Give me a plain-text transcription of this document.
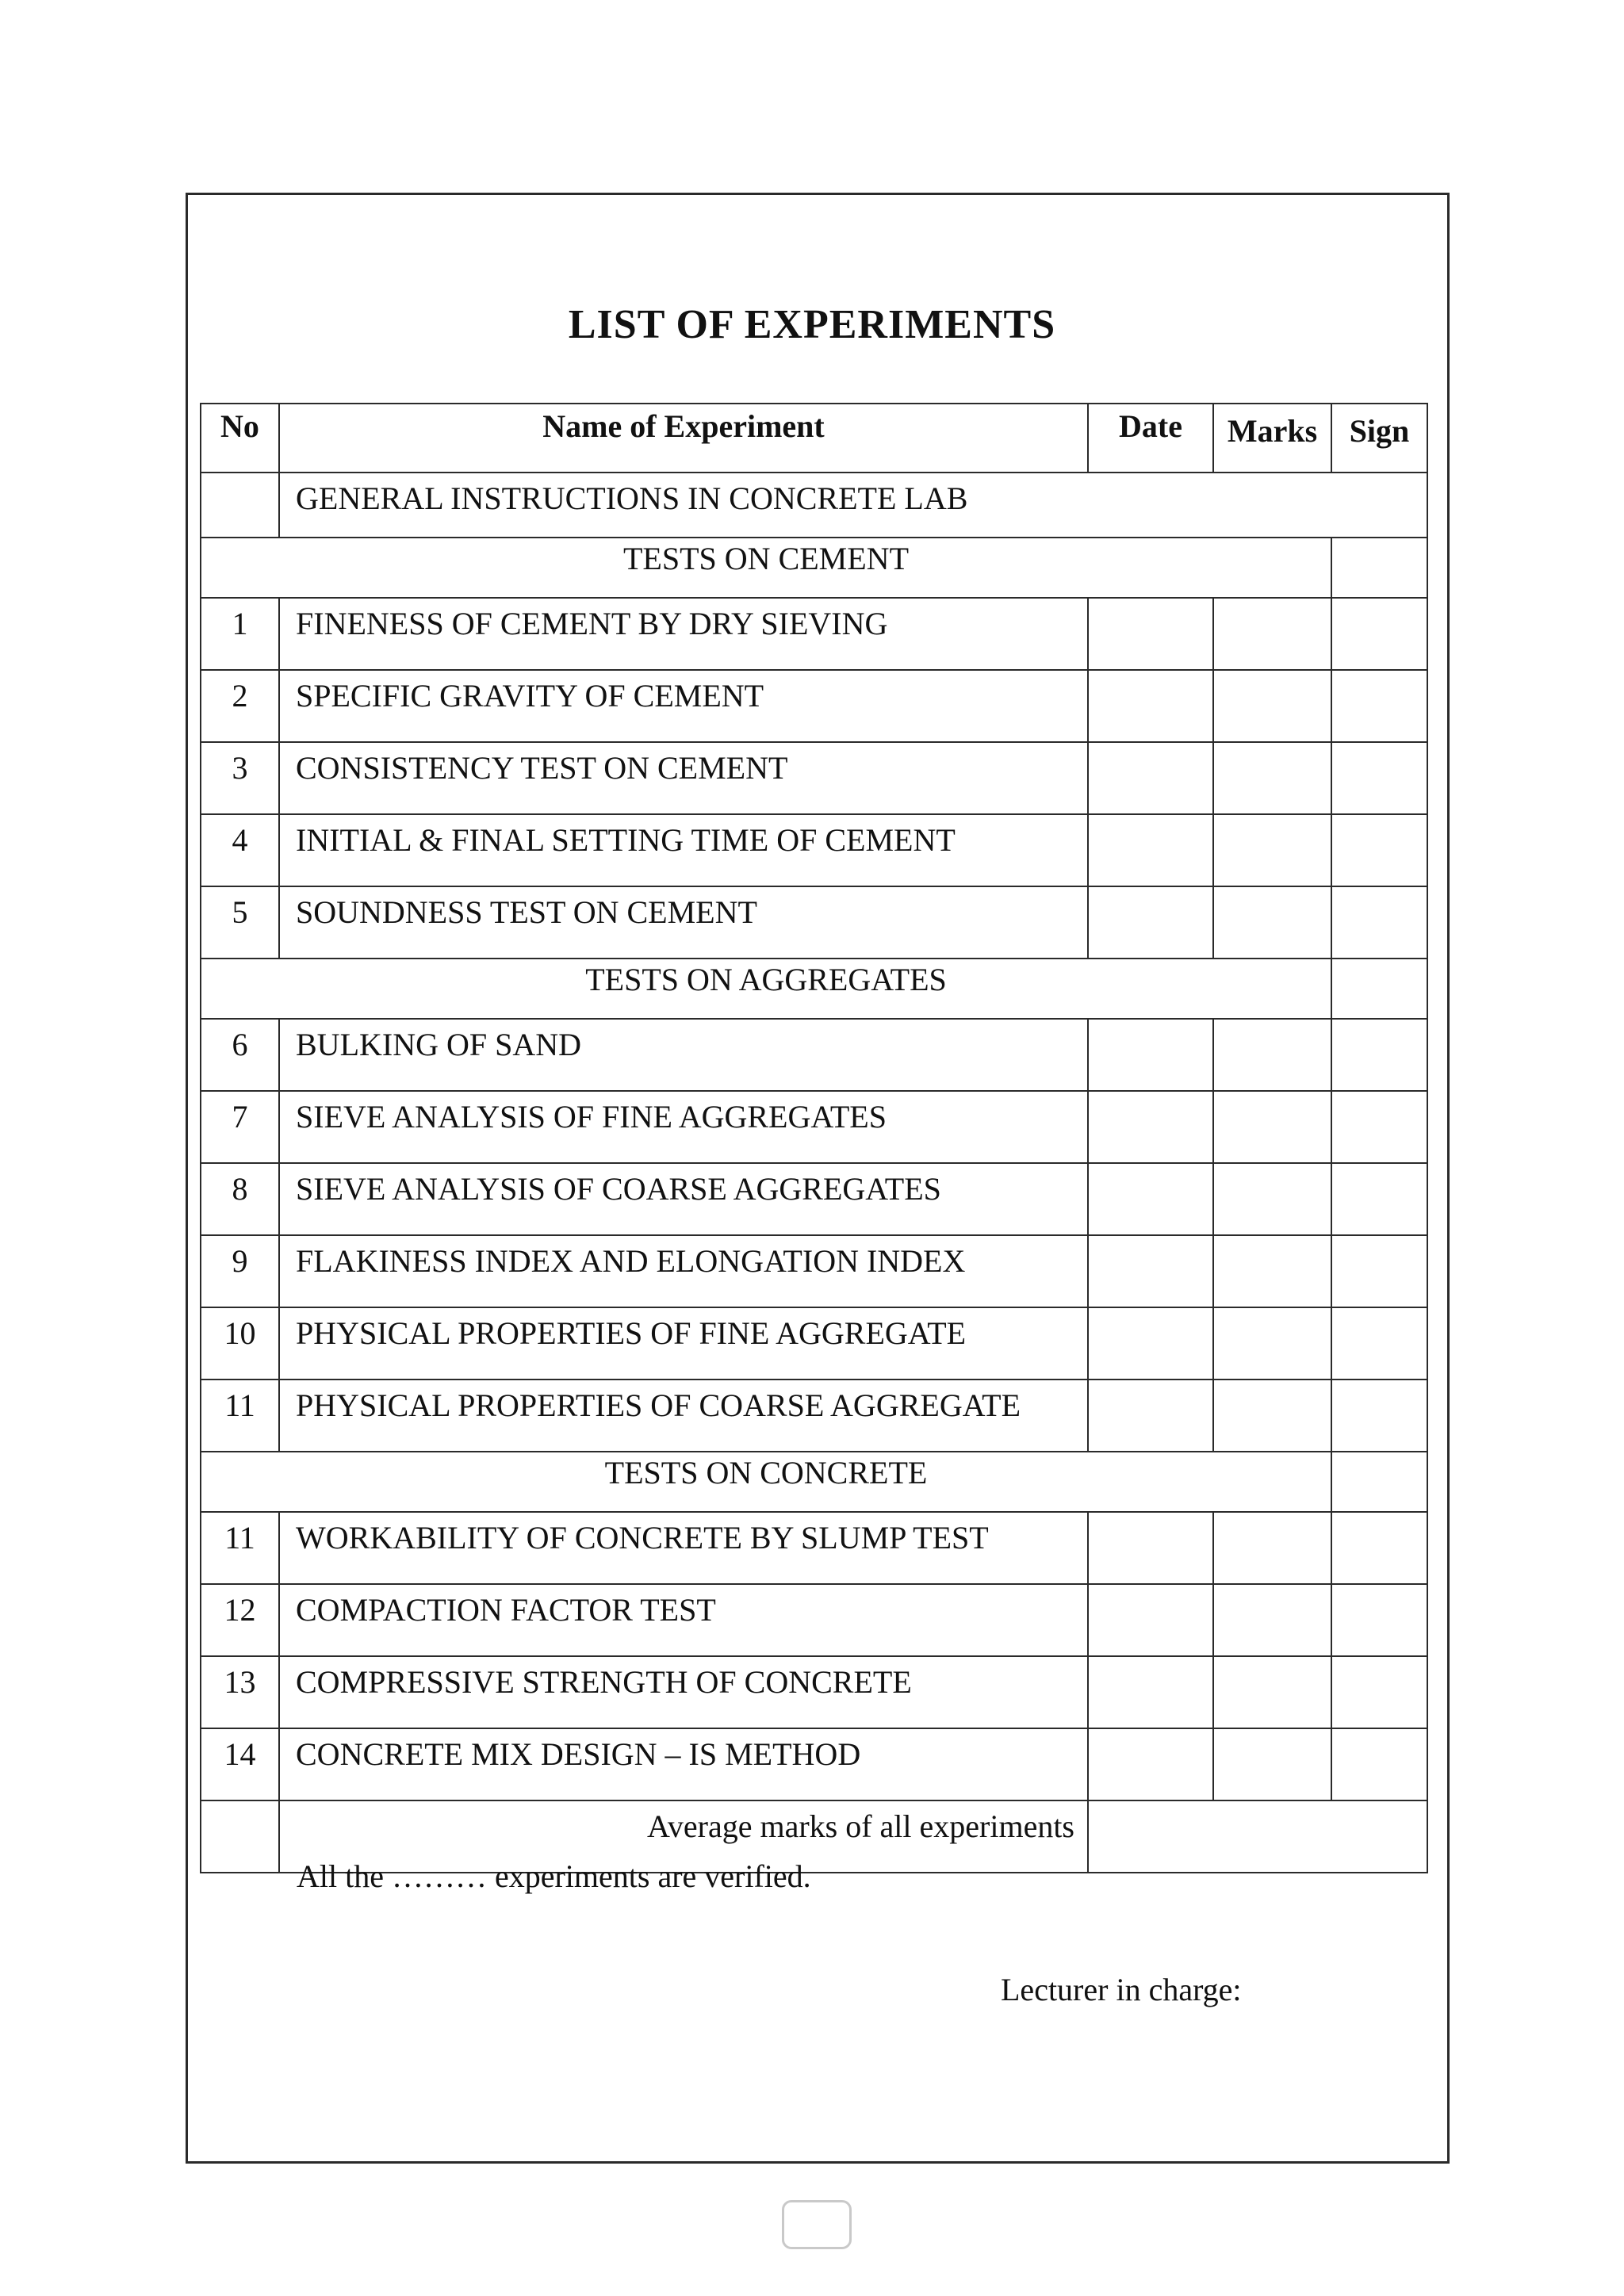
LIST OF EXPERIMENTS
No	Name of Experiment	Date	Marks	Sign
	GENERAL INSTRUCTIONS IN CONCRETE LAB			
TESTS ON CEMENT				
1	FINENESS OF CEMENT BY DRY SIEVING			
2	SPECIFIC GRAVITY OF CEMENT			
3	CONSISTENCY TEST ON CEMENT			
4	INITIAL & FINAL SETTING TIME OF CEMENT			
5	SOUNDNESS TEST ON CEMENT			
TESTS ON AGGREGATES				
6	BULKING OF SAND			
7	SIEVE ANALYSIS OF FINE AGGREGATES			
8	SIEVE ANALYSIS OF COARSE AGGREGATES			
9	FLAKINESS INDEX AND ELONGATION INDEX			
10	PHYSICAL PROPERTIES OF FINE AGGREGATE			
11	PHYSICAL PROPERTIES OF COARSE AGGREGATE			
TESTS ON CONCRETE				
11	WORKABILITY OF CONCRETE BY SLUMP TEST			
12	COMPACTION FACTOR TEST			
13	COMPRESSIVE STRENGTH OF CONCRETE			
14	CONCRETE MIX DESIGN – IS METHOD			
	Average marks of all experiments			
All the ……… experiments are verified.
Lecturer in charge:
